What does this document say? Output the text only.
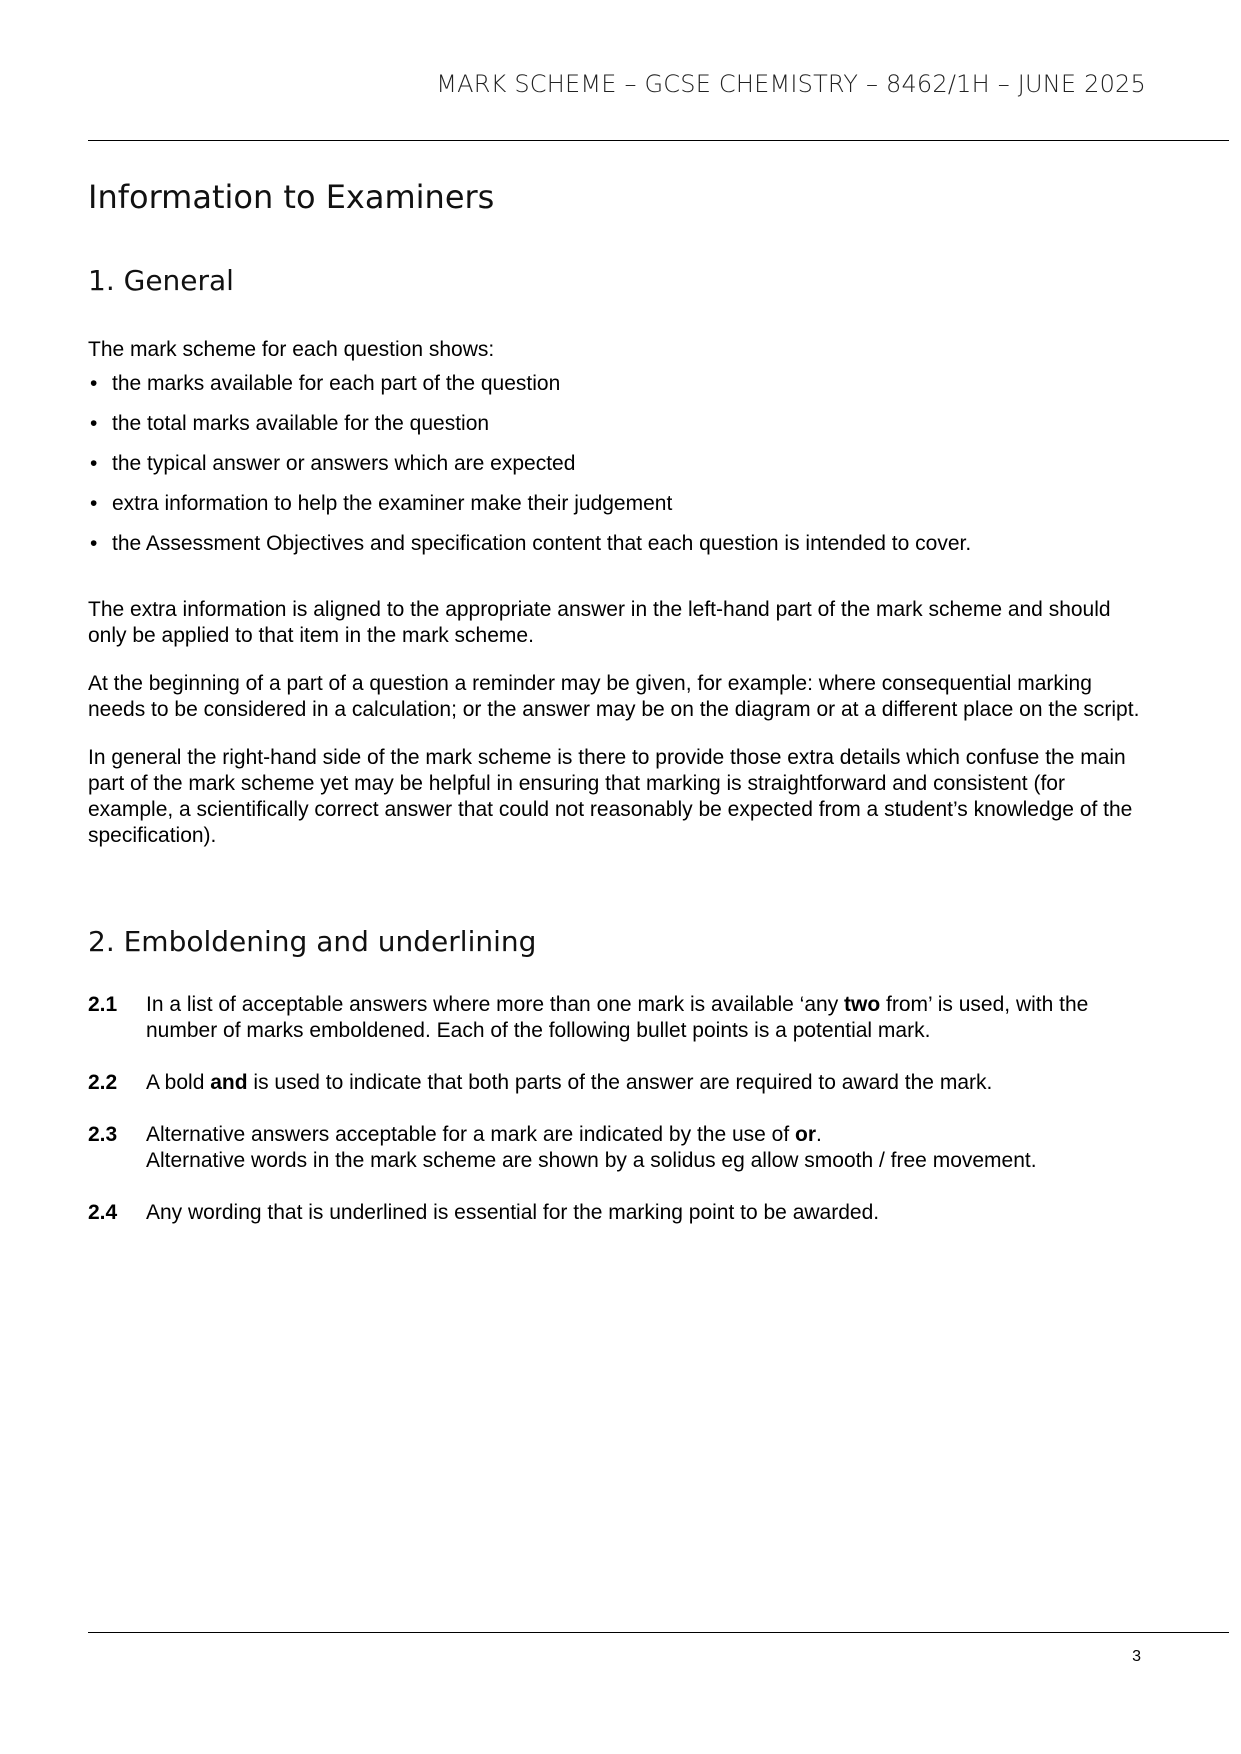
MARK SCHEME – GCSE CHEMISTRY – 8462/1H – JUNE 2025
Information to Examiners
1. General

The mark scheme for each question shows:

• the marks available for each part of the question
• the total marks available for the question
• the typical answer or answers which are expected
• extra information to help the examiner make their judgement
• the Assessment Objectives and specification content that each question is intended to cover.

The extra information is aligned to the appropriate answer in the left-hand part of the mark scheme and should only be applied to that item in the mark scheme.

At the beginning of a part of a question a reminder may be given, for example: where consequential marking needs to be considered in a calculation; or the answer may be on the diagram or at a different place on the script.

In general the right-hand side of the mark scheme is there to provide those extra details which confuse the main part of the mark scheme yet may be helpful in ensuring that marking is straightforward and consistent (for example, a scientifically correct answer that could not reasonably be expected from a student’s knowledge of the specification).

2. Emboldening and underlining
2.1	In a list of acceptable answers where more than one mark is available ‘any two from’ is used, with the number of marks emboldened. Each of the following bullet points is a potential mark.
2.2	A bold and is used to indicate that both parts of the answer are required to award the mark.
2.3	Alternative answers acceptable for a mark are indicated by the use of or.
Alternative words in the mark scheme are shown by a solidus eg allow smooth / free movement.
2.4	Any wording that is underlined is essential for the marking point to be awarded.
3
